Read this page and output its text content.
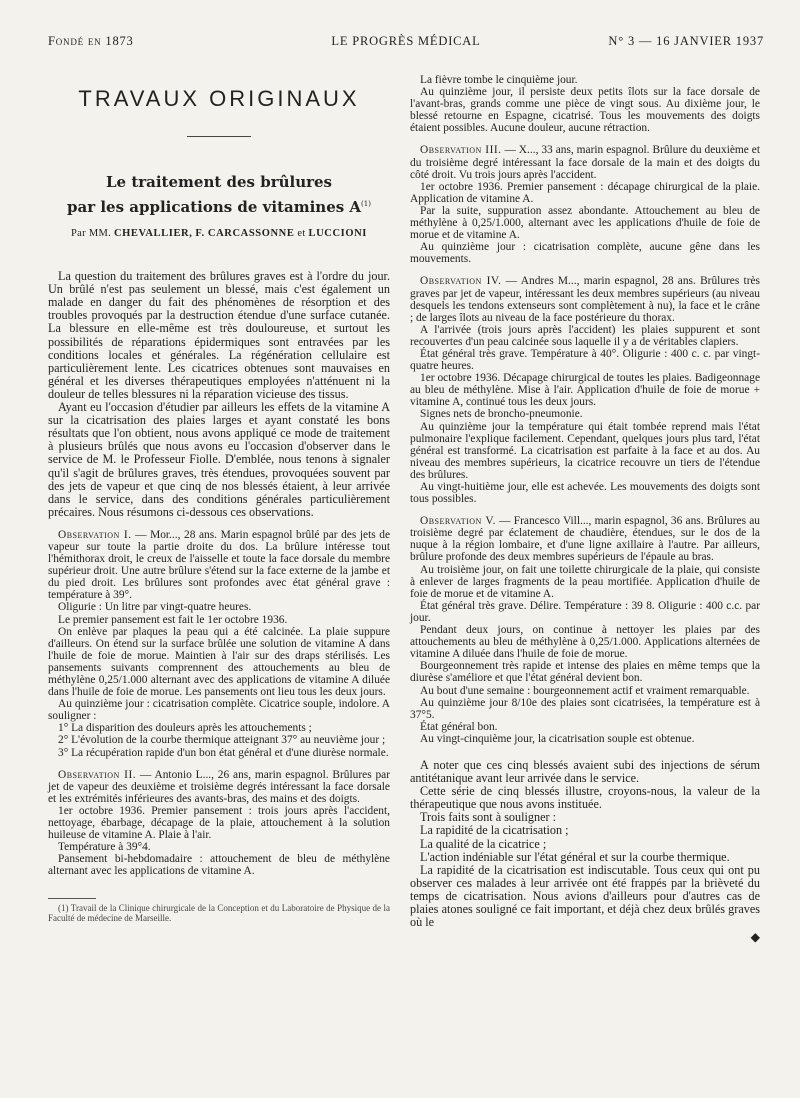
Fondé en 1873	LE PROGRÈS MÉDICAL	N° 3 — 16 JANVIER 1937

TRAVAUX ORIGINAUX

Le traitement des brûlures
par les applications de vitamines $A^{(1)}$

Par MM. CHEVALLIER, F. CARCASSONNE et LUCCIONI

La question du traitement des brûlures graves est à l'ordre du jour. Un brûlé n'est pas seulement un blessé, mais c'est également un malade en danger du fait des phénomènes de résorption et des troubles provoqués par la destruction étendue d'une surface cutanée. La blessure en elle-même est très douloureuse, et surtout les possibilités de réparations épidermiques sont entravées par les conditions locales et générales. La régénération cellulaire est particulièrement lente. Les cicatrices obtenues sont mauvaises en général et les diverses thérapeutiques employées n'atténuent ni la douleur de telles blessures ni la réparation vicieuse des tissus.

Ayant eu l'occasion d'étudier par ailleurs les effets de la vitamine A sur la cicatrisation des plaies larges et ayant constaté les bons résultats que l'on obtient, nous avons appliqué ce mode de traitement à plusieurs brûlés que nous avons eu l'occasion d'observer dans le service de M. le Professeur Fiolle. D'emblée, nous tenons à signaler qu'il s'agit de brûlures graves, très étendues, provoquées souvent par des jets de vapeur et que cinq de nos blessés étaient, à leur arrivée dans le service, dans des conditions générales particulièrement précaires. Nous résumons ci-dessous ces observations.

Observation I. — Mor..., 28 ans. Marin espagnol brûlé par des jets de vapeur sur toute la partie droite du dos. La brûlure intéresse tout l'hémithorax droit, le creux de l'aisselle et toute la face dorsale du membre supérieur droit. Une autre brûlure s'étend sur la face externe de la jambe et du pied droit. Les brûlures sont profondes avec état général grave : température à 39°.

Oligurie : Un litre par vingt-quatre heures.

Le premier pansement est fait le 1er octobre 1936.

On enlève par plaques la peau qui a été calcinée. La plaie suppure d'ailleurs. On étend sur la surface brûlée une solution de vitamine A dans l'huile de foie de morue. Maintien à l'air sur des draps stérilisés. Les pansements suivants comprennent des attouchements au bleu de méthylène 0,25/1.000 alternant avec des applications de vitamine A diluée dans l'huile de foie de morue. Les pansements ont lieu tous les deux jours.

Au quinzième jour : cicatrisation complète. Cicatrice souple, indolore. A souligner :

1° La disparition des douleurs après les attouchements ;

2° L'évolution de la courbe thermique atteignant 37° au neuvième jour ;

3° La récupération rapide d'un bon état général et d'une diurèse normale.

Observation II. — Antonio L..., 26 ans, marin espagnol. Brûlures par jet de vapeur des deuxième et troisième degrés intéressant la face dorsale et les extrémités inférieures des avants-bras, des mains et des doigts.

1er octobre 1936. Premier pansement : trois jours après l'accident, nettoyage, ébarbage, décapage de la plaie, attouchement à la solution huileuse de vitamine A. Plaie à l'air.

Température à 39°4.

Pansement bi-hebdomadaire : attouchement de bleu de méthylène alternant avec les applications de vitamine A.

(1) Travail de la Clinique chirurgicale de la Conception et du Laboratoire de Physique de la Faculté de médecine de Marseille.

La fièvre tombe le cinquième jour.

Au quinzième jour, il persiste deux petits îlots sur la face dorsale de l'avant-bras, grands comme une pièce de vingt sous. Au dixième jour, le blessé retourne en Espagne, cicatrisé. Tous les mouvements des doigts étaient possibles. Aucune douleur, aucune rétraction.

Observation III. — X..., 33 ans, marin espagnol. Brûlure du deuxième et du troisième degré intéressant la face dorsale de la main et des doigts du côté droit. Vu trois jours après l'accident.

1er octobre 1936. Premier pansement : décapage chirurgical de la plaie. Application de vitamine A.

Par la suite, suppuration assez abondante. Attouchement au bleu de méthylène à 0,25/1.000, alternant avec les applications d'huile de foie de morue et de vitamine A.

Au quinzième jour : cicatrisation complète, aucune gêne dans les mouvements.

Observation IV. — Andres M..., marin espagnol, 28 ans. Brûlures très graves par jet de vapeur, intéressant les deux membres supérieurs (au niveau desquels les tendons extenseurs sont complètement à nu), la face et le crâne ; de larges îlots au niveau de la face postérieure du thorax.

A l'arrivée (trois jours après l'accident) les plaies suppurent et sont recouvertes d'un peau calcinée sous laquelle il y a de véritables clapiers.

État général très grave. Température à 40°. Oligurie : 400 c. c. par vingt-quatre heures.

1er octobre 1936. Décapage chirurgical de toutes les plaies. Badigeonnage au bleu de méthylène. Mise à l'air. Application d'huile de foie de morue + vitamine A, continué tous les deux jours.

Signes nets de broncho-pneumonie.

Au quinzième jour la température qui était tombée reprend mais l'état pulmonaire l'explique facilement. Cependant, quelques jours plus tard, l'état général est transformé. La cicatrisation est parfaite à la face et au dos. Au niveau des membres supérieurs, la cicatrice recouvre un tiers de l'étendue des brûlures.

Au vingt-huitième jour, elle est achevée. Les mouvements des doigts sont tous possibles.

Observation V. — Francesco Vill..., marin espagnol, 36 ans. Brûlures au troisième degré par éclatement de chaudière, étendues, sur le dos de la nuque à la région lombaire, et d'une ligne axillaire à l'autre. Par ailleurs, brûlure profonde des deux membres supérieurs de l'épaule au bras.

Au troisième jour, on fait une toilette chirurgicale de la plaie, qui consiste à enlever de larges fragments de la peau mortifiée. Application d'huile de foie de morue et de vitamine A.

État général très grave. Délire. Température : 39 8. Oligurie : 400 c.c. par jour.

Pendant deux jours, on continue à nettoyer les plaies par des attouchements au bleu de méthylène à 0,25/1.000. Applications alternées de vitamine A diluée dans l'huile de foie de morue.

Bourgeonnement très rapide et intense des plaies en même temps que la diurèse s'améliore et que l'état général devient bon.

Au bout d'une semaine : bourgeonnement actif et vraiment remarquable.

Au quinzième jour 8/10e des plaies sont cicatrisées, la température est à 37°5.

État général bon.

Au vingt-cinquième jour, la cicatrisation souple est obtenue.

A noter que ces cinq blessés avaient subi des injections de sérum antitétanique avant leur arrivée dans le service.

Cette série de cinq blessés illustre, croyons-nous, la valeur de la thérapeutique que nous avons instituée.

Trois faits sont à souligner :

La rapidité de la cicatrisation ;

La qualité de la cicatrice ;

L'action indéniable sur l'état général et sur la courbe thermique.

La rapidité de la cicatrisation est indiscutable. Tous ceux qui ont pu observer ces malades à leur arrivée ont été frappés par la brièveté du temps de cicatrisation. Nous avions d'ailleurs pour d'autres cas de plaies atones souligné ce fait important, et déjà chez deux brûlés graves où le

◆
